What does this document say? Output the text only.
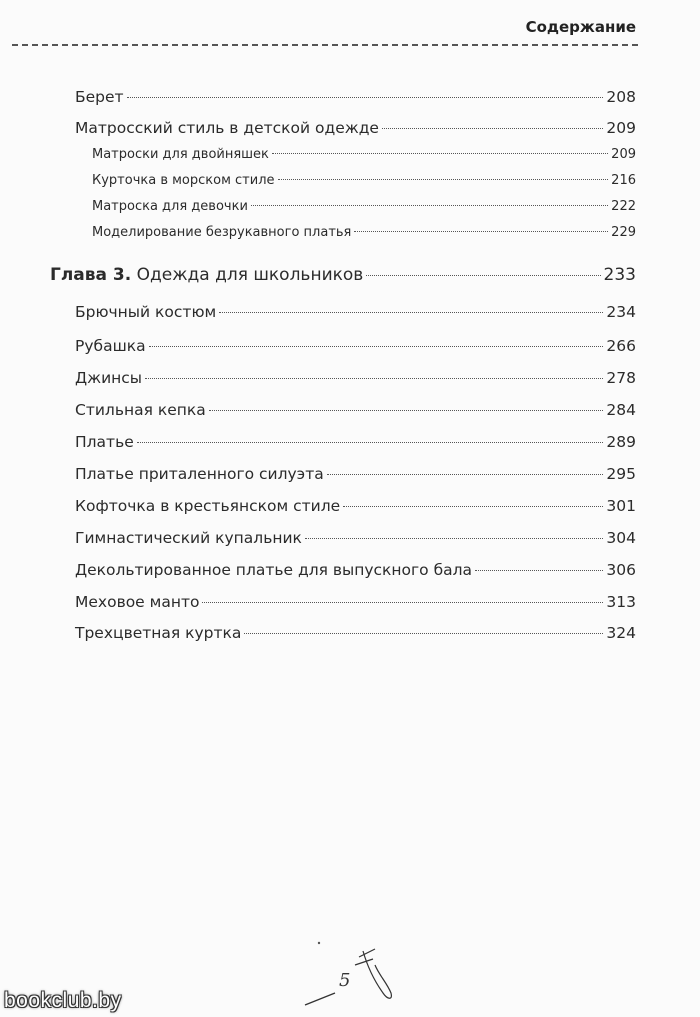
Содержание
Берет	208
Матросский стиль в детской одежде	209
Матроски для двойняшек	209
Курточка в морском стиле	216
Матроска для девочки	222
Моделирование безрукавного платья	229
Глава 3. Одежда для школьников	233
Брючный костюм	234
Рубашка	266
Джинсы	278
Стильная кепка	284
Платье	289
Платье приталенного силуэта	295
Кофточка в крестьянском стиле	301
Гимнастический купальник	304
Декольтированное платье для выпускного бала	306
Меховое манто	313
Трехцветная куртка	324
5
bookclub.by
